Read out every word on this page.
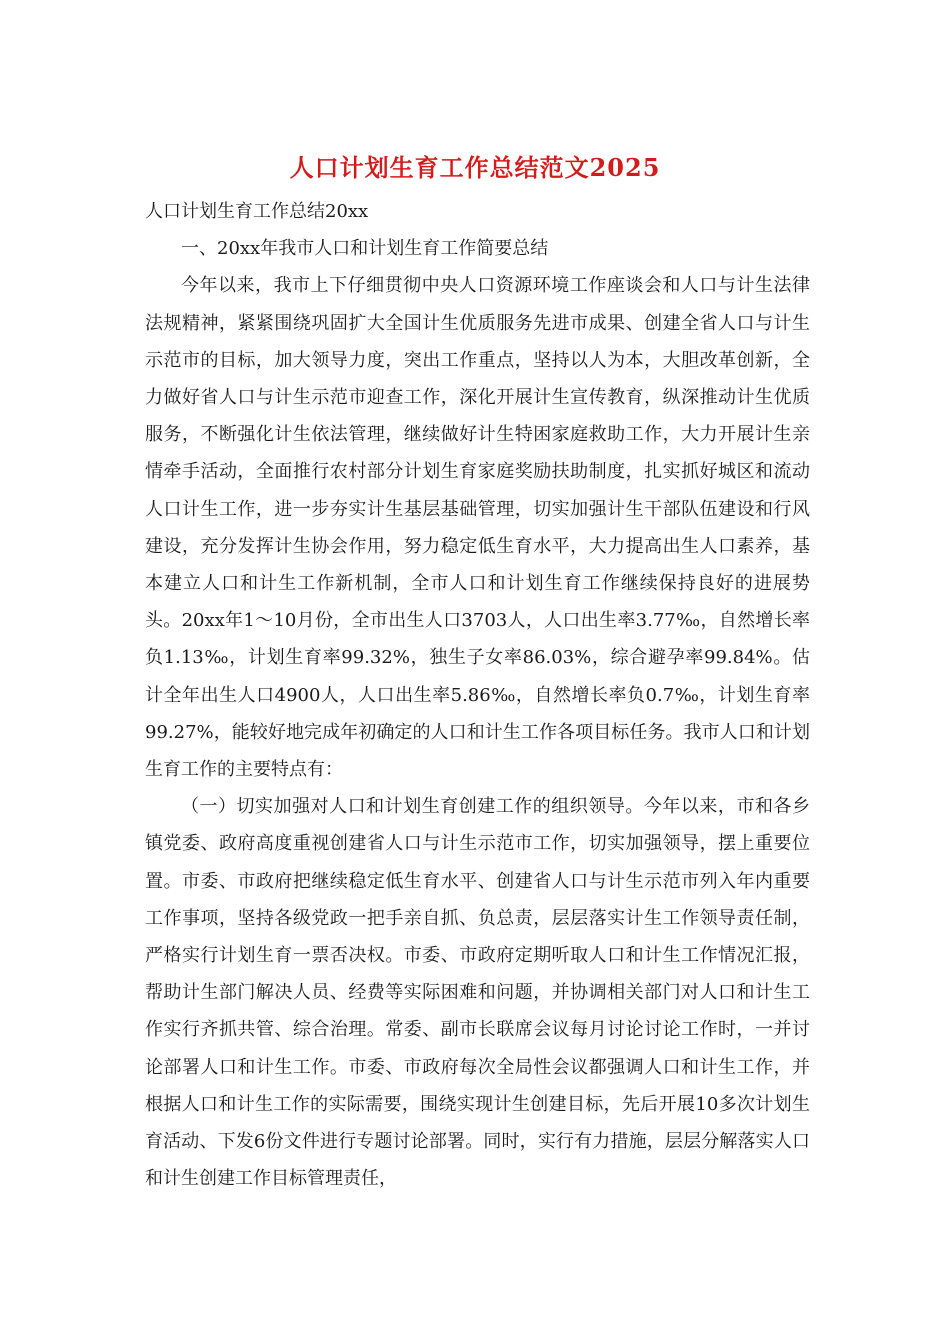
人口计划生育工作总结范文2025

人口计划生育工作总结20xx

一、20xx年我市人口和计划生育工作简要总结

今年以来，我市上下仔细贯彻中央人口资源环境工作座谈会和人口与计生法律法规精神，紧紧围绕巩固扩大全国计生优质服务先进市成果、创建全省人口与计生示范市的目标，加大领导力度，突出工作重点，坚持以人为本，大胆改革创新，全力做好省人口与计生示范市迎查工作，深化开展计生宣传教育，纵深推动计生优质服务，不断强化计生依法管理，继续做好计生特困家庭救助工作，大力开展计生亲情牵手活动，全面推行农村部分计划生育家庭奖励扶助制度，扎实抓好城区和流动人口计生工作，进一步夯实计生基层基础管理，切实加强计生干部队伍建设和行风建设，充分发挥计生协会作用，努力稳定低生育水平，大力提高出生人口素养，基本建立人口和计生工作新机制，全市人口和计划生育工作继续保持良好的进展势头。20xx年1～10月份，全市出生人口3703人，人口出生率3.77‰，自然增长率负1.13‰，计划生育率99.32%，独生子女率86.03%，综合避孕率99.84%。估计全年出生人口4900人，人口出生率5.86‰，自然增长率负0.7‰，计划生育率99.27%，能较好地完成年初确定的人口和计生工作各项目标任务。我市人口和计划生育工作的主要特点有：

（一）切实加强对人口和计划生育创建工作的组织领导。今年以来，市和各乡镇党委、政府高度重视创建省人口与计生示范市工作，切实加强领导，摆上重要位置。市委、市政府把继续稳定低生育水平、创建省人口与计生示范市列入年内重要工作事项，坚持各级党政一把手亲自抓、负总责，层层落实计生工作领导责任制，严格实行计划生育一票否决权。市委、市政府定期听取人口和计生工作情况汇报，帮助计生部门解决人员、经费等实际困难和问题，并协调相关部门对人口和计生工作实行齐抓共管、综合治理。常委、副市长联席会议每月讨论讨论工作时，一并讨论部署人口和计生工作。市委、市政府每次全局性会议都强调人口和计生工作，并根据人口和计生工作的实际需要，围绕实现计生创建目标，先后开展10多次计划生育活动、下发6份文件进行专题讨论部署。同时，实行有力措施，层层分解落实人口和计生创建工作目标管理责任，
